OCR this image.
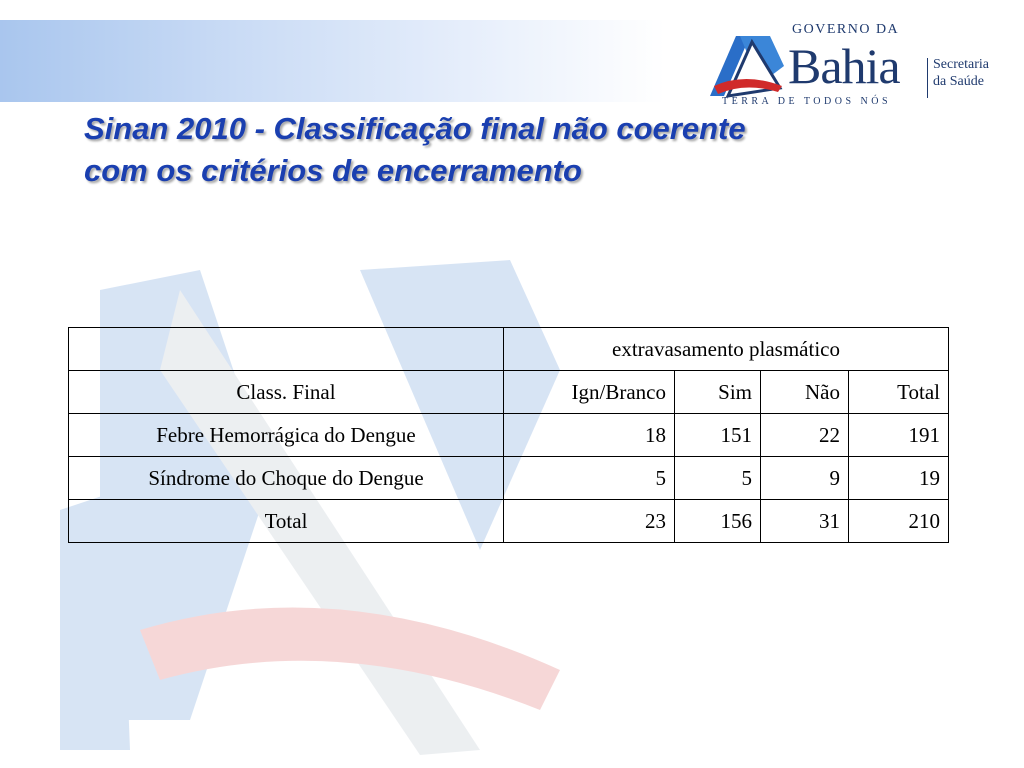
GOVERNO DA
Bahia Secretaria
da Saúde
TERRA DE TODOS NÓS
Sinan 2010 - Classificação final não coerente
com os critérios de encerramento
	extravasamento plasmático			
Class. Final	Ign/Branco	Sim	Não	Total
Febre Hemorrágica do Dengue	18	151	22	191
Síndrome do Choque do Dengue	5	5	9	19
Total	23	156	31	210
